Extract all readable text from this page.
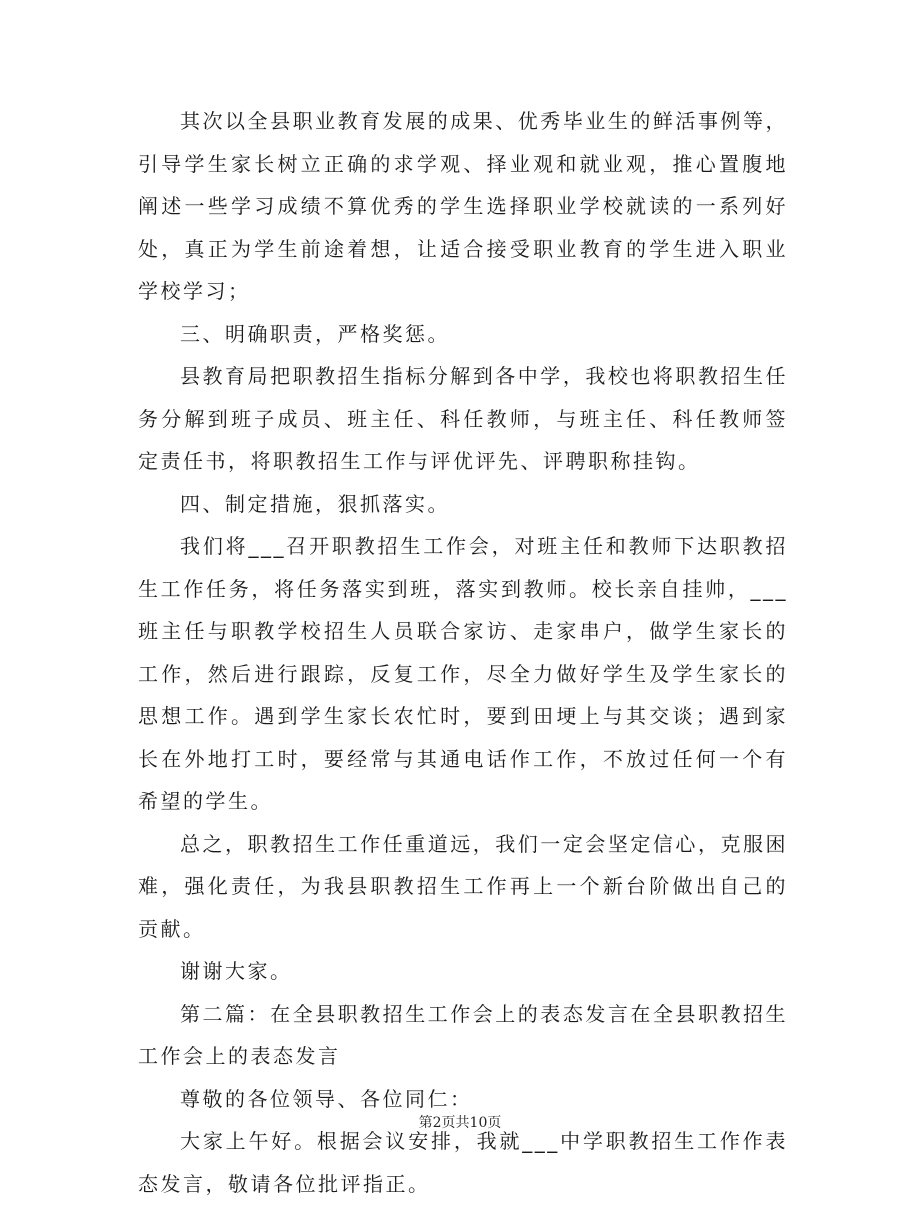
其次以全县职业教育发展的成果、优秀毕业生的鲜活事例等，引导学生家长树立正确的求学观、择业观和就业观，推心置腹地阐述一些学习成绩不算优秀的学生选择职业学校就读的一系列好处，真正为学生前途着想，让适合接受职业教育的学生进入职业学校学习；

三、明确职责，严格奖惩。

县教育局把职教招生指标分解到各中学，我校也将职教招生任务分解到班子成员、班主任、科任教师，与班主任、科任教师签定责任书，将职教招生工作与评优评先、评聘职称挂钩。

四、制定措施，狠抓落实。

我们将___召开职教招生工作会，对班主任和教师下达职教招生工作任务，将任务落实到班，落实到教师。校长亲自挂帅，___班主任与职教学校招生人员联合家访、走家串户，做学生家长的工作，然后进行跟踪，反复工作，尽全力做好学生及学生家长的思想工作。遇到学生家长农忙时，要到田埂上与其交谈；遇到家长在外地打工时，要经常与其通电话作工作，不放过任何一个有希望的学生。

总之，职教招生工作任重道远，我们一定会坚定信心，克服困难，强化责任，为我县职教招生工作再上一个新台阶做出自己的贡献。

谢谢大家。

第二篇：在全县职教招生工作会上的表态发言在全县职教招生工作会上的表态发言

尊敬的各位领导、各位同仁：

大家上午好。根据会议安排，我就___中学职教招生工作作表态发言，敬请各位批评指正。

第2页共10页
